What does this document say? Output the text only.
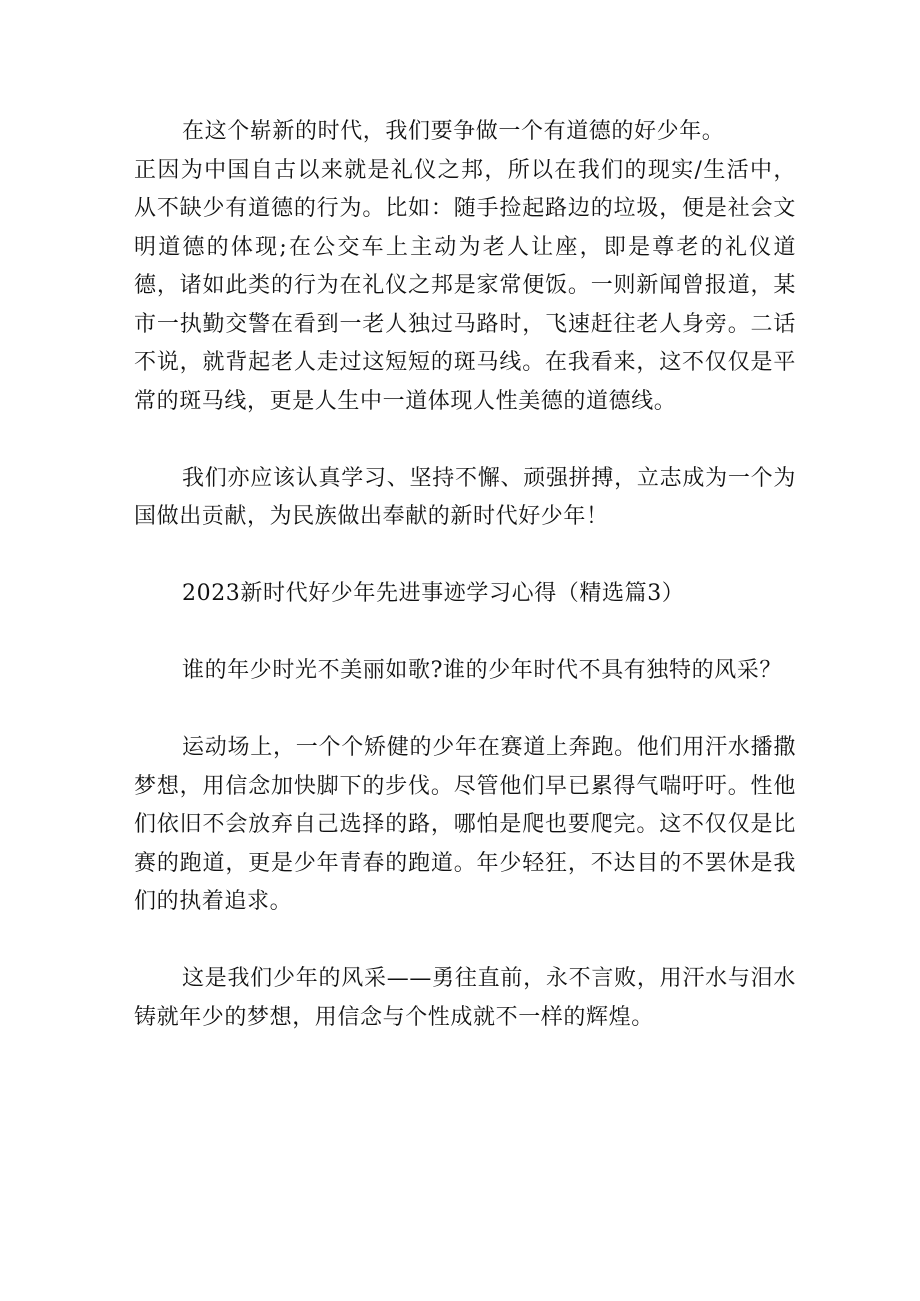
在这个崭新的时代，我们要争做一个有道德的好少年。
正因为中国自古以来就是礼仪之邦，所以在我们的现实/生活中，从不缺少有道德的行为。比如：随手捡起路边的垃圾，便是社会文明道德的体现;在公交车上主动为老人让座，即是尊老的礼仪道德，诸如此类的行为在礼仪之邦是家常便饭。一则新闻曾报道，某市一执勤交警在看到一老人独过马路时，飞速赶往老人身旁。二话不说，就背起老人走过这短短的斑马线。在我看来，这不仅仅是平常的斑马线，更是人生中一道体现人性美德的道德线。

我们亦应该认真学习、坚持不懈、顽强拼搏，立志成为一个为国做出贡献，为民族做出奉献的新时代好少年！

2023新时代好少年先进事迹学习心得（精选篇3）

谁的年少时光不美丽如歌?谁的少年时代不具有独特的风采？

运动场上，一个个矫健的少年在赛道上奔跑。他们用汗水播撒梦想，用信念加快脚下的步伐。尽管他们早已累得气喘吁吁。性他们依旧不会放弃自己选择的路，哪怕是爬也要爬完。这不仅仅是比赛的跑道，更是少年青春的跑道。年少轻狂，不达目的不罢休是我们的执着追求。

这是我们少年的风采——勇往直前，永不言败，用汗水与泪水铸就年少的梦想，用信念与个性成就不一样的辉煌。
